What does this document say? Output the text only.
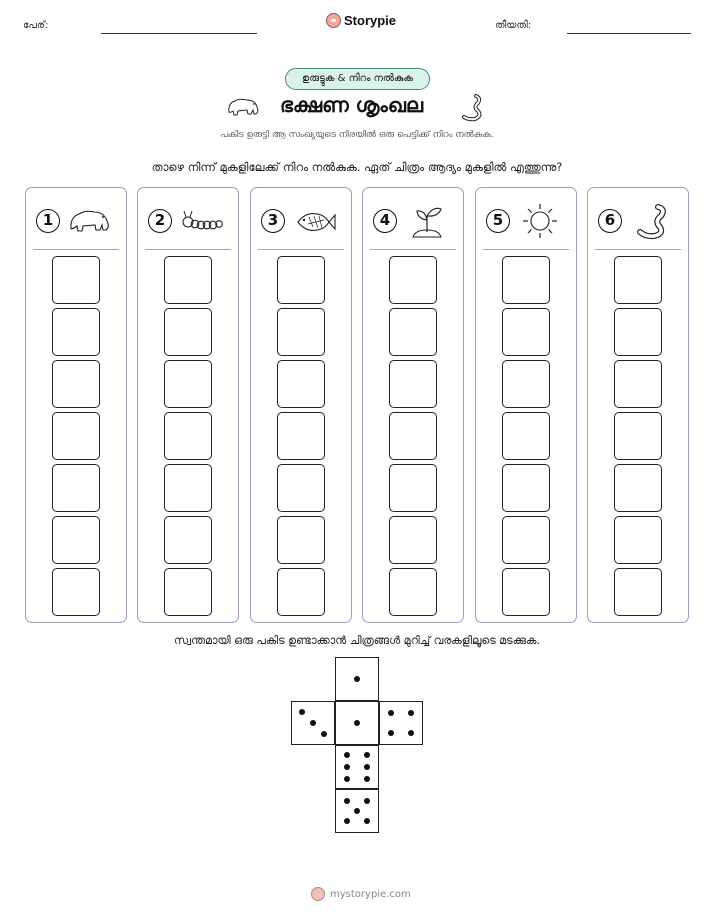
പേര്:	Storypie	തീയതി:
ഉരുട്ടുക & നിറം നൽകുക
ഭക്ഷണ ശൃംഖല
പകിട ഉരുട്ടി ആ സംഖ്യയുടെ നിരയിൽ ഒരു പെട്ടിക്ക് നിറം നൽകുക.
താഴെ നിന്ന് മുകളിലേക്ക് നിറം നൽകുക. ഏത് ചിത്രം ആദ്യം മുകളിൽ എത്തുന്നു?
1	2	3	4	5	6
സ്വന്തമായി ഒരു പകിട ഉണ്ടാക്കാൻ ചിത്രങ്ങൾ മുറിച്ച് വരകളിലൂടെ മടക്കുക.
mystorypie.com
